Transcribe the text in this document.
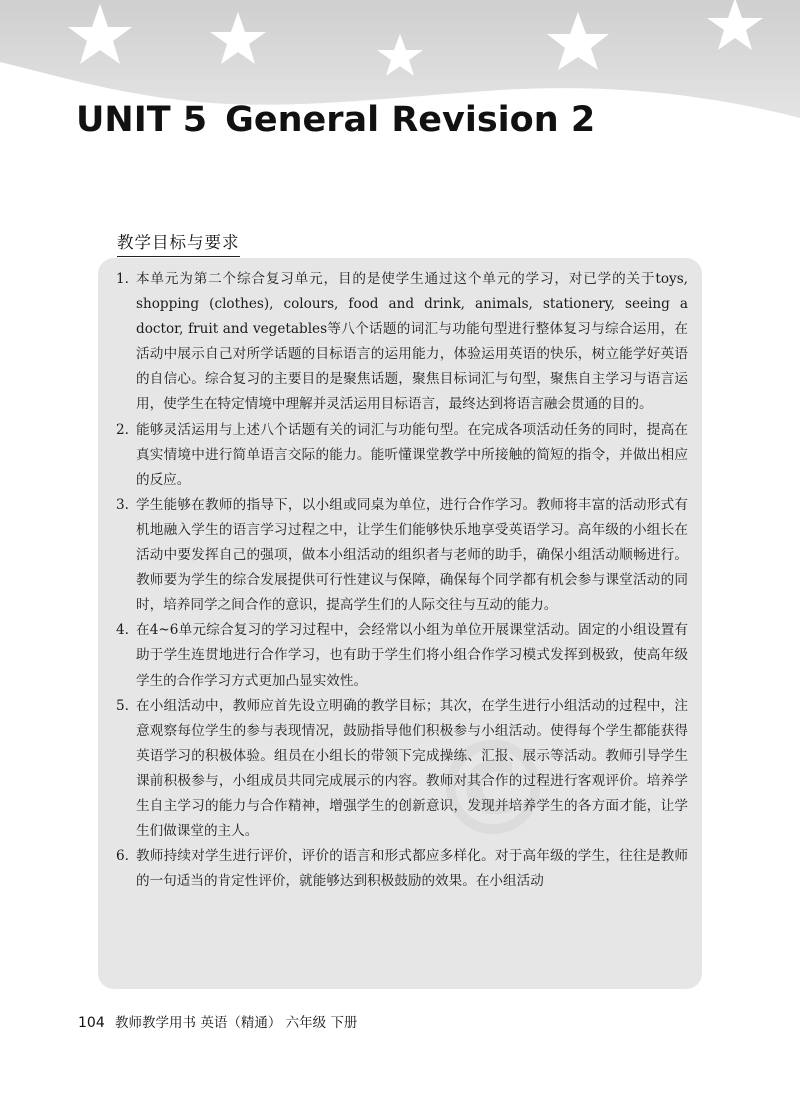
UNIT 5 General Revision 2
教学目标与要求
©
1. 本单元为第二个综合复习单元，目的是使学生通过这个单元的学习，对已学的关于toys, shopping (clothes), colours, food and drink, animals, stationery, seeing a doctor, fruit and vegetables等八个话题的词汇与功能句型进行整体复习与综合运用，在活动中展示自己对所学话题的目标语言的运用能力，体验运用英语的快乐，树立能学好英语的自信心。综合复习的主要目的是聚焦话题，聚焦目标词汇与句型，聚焦自主学习与语言运用，使学生在特定情境中理解并灵活运用目标语言，最终达到将语言融会贯通的目的。
2. 能够灵活运用与上述八个话题有关的词汇与功能句型。在完成各项活动任务的同时，提高在真实情境中进行简单语言交际的能力。能听懂课堂教学中所接触的简短的指令，并做出相应的反应。
3. 学生能够在教师的指导下，以小组或同桌为单位，进行合作学习。教师将丰富的活动形式有机地融入学生的语言学习过程之中，让学生们能够快乐地享受英语学习。高年级的小组长在活动中要发挥自己的强项，做本小组活动的组织者与老师的助手，确保小组活动顺畅进行。教师要为学生的综合发展提供可行性建议与保障，确保每个同学都有机会参与课堂活动的同时，培养同学之间合作的意识，提高学生们的人际交往与互动的能力。
4. 在4~6单元综合复习的学习过程中，会经常以小组为单位开展课堂活动。固定的小组设置有助于学生连贯地进行合作学习，也有助于学生们将小组合作学习模式发挥到极致，使高年级学生的合作学习方式更加凸显实效性。
5. 在小组活动中，教师应首先设立明确的教学目标；其次，在学生进行小组活动的过程中，注意观察每位学生的参与表现情况，鼓励指导他们积极参与小组活动。使得每个学生都能获得英语学习的积极体验。组员在小组长的带领下完成操练、汇报、展示等活动。教师引导学生课前积极参与，小组成员共同完成展示的内容。教师对其合作的过程进行客观评价。培养学生自主学习的能力与合作精神，增强学生的创新意识，发现并培养学生的各方面才能，让学生们做课堂的主人。
6. 教师持续对学生进行评价，评价的语言和形式都应多样化。对于高年级的学生，往往是教师的一句适当的肯定性评价，就能够达到积极鼓励的效果。在小组活动

104 教师教学用书 英语（精通） 六年级 下册
